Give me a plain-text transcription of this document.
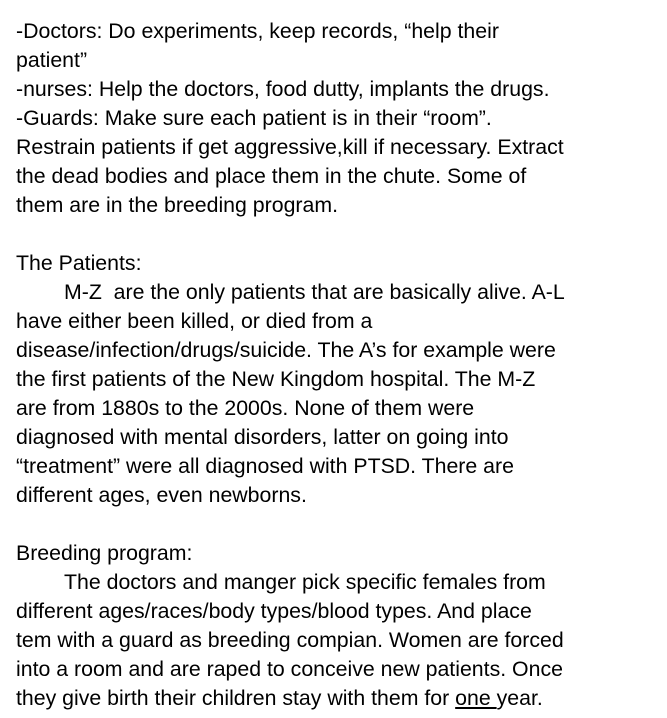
-Doctors: Do experiments, keep records, “help their
patient”
-nurses: Help the doctors, food dutty, implants the drugs.
-Guards: Make sure each patient is in their “room”.
Restrain patients if get aggressive,kill if necessary. Extract
the dead bodies and place them in the chute. Some of
them are in the breeding program.
The Patients:
M-Z  are the only patients that are basically alive. A-L
have either been killed, or died from a
disease/infection/drugs/suicide. The A’s for example were
the first patients of the New Kingdom hospital. The M-Z
are from 1880s to the 2000s. None of them were
diagnosed with mental disorders, latter on going into
“treatment” were all diagnosed with PTSD. There are
different ages, even newborns.
Breeding program:
The doctors and manger pick specific females from
different ages/races/body types/blood types. And place
tem with a guard as breeding compian. Women are forced
into a room and are raped to conceive new patients. Once
they give birth their children stay with them for one year.
